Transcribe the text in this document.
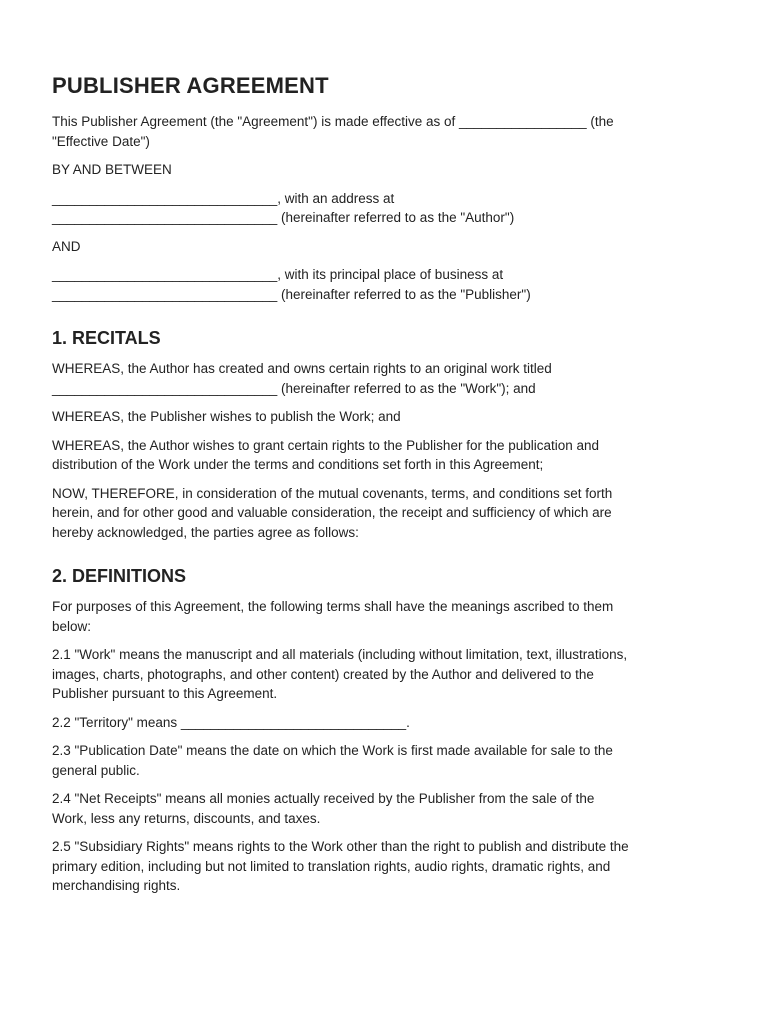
PUBLISHER AGREEMENT

This Publisher Agreement (the "Agreement") is made effective as of _________________ (the
"Effective Date")

BY AND BETWEEN

______________________________, with an address at
______________________________ (hereinafter referred to as the "Author")

AND

______________________________, with its principal place of business at
______________________________ (hereinafter referred to as the "Publisher")

1. RECITALS

WHEREAS, the Author has created and owns certain rights to an original work titled
______________________________ (hereinafter referred to as the "Work"); and

WHEREAS, the Publisher wishes to publish the Work; and

WHEREAS, the Author wishes to grant certain rights to the Publisher for the publication and
distribution of the Work under the terms and conditions set forth in this Agreement;

NOW, THEREFORE, in consideration of the mutual covenants, terms, and conditions set forth
herein, and for other good and valuable consideration, the receipt and sufficiency of which are
hereby acknowledged, the parties agree as follows:

2. DEFINITIONS

For purposes of this Agreement, the following terms shall have the meanings ascribed to them
below:

2.1 "Work" means the manuscript and all materials (including without limitation, text, illustrations,
images, charts, photographs, and other content) created by the Author and delivered to the
Publisher pursuant to this Agreement.

2.2 "Territory" means ______________________________.

2.3 "Publication Date" means the date on which the Work is first made available for sale to the
general public.

2.4 "Net Receipts" means all monies actually received by the Publisher from the sale of the
Work, less any returns, discounts, and taxes.

2.5 "Subsidiary Rights" means rights to the Work other than the right to publish and distribute the
primary edition, including but not limited to translation rights, audio rights, dramatic rights, and
merchandising rights.
